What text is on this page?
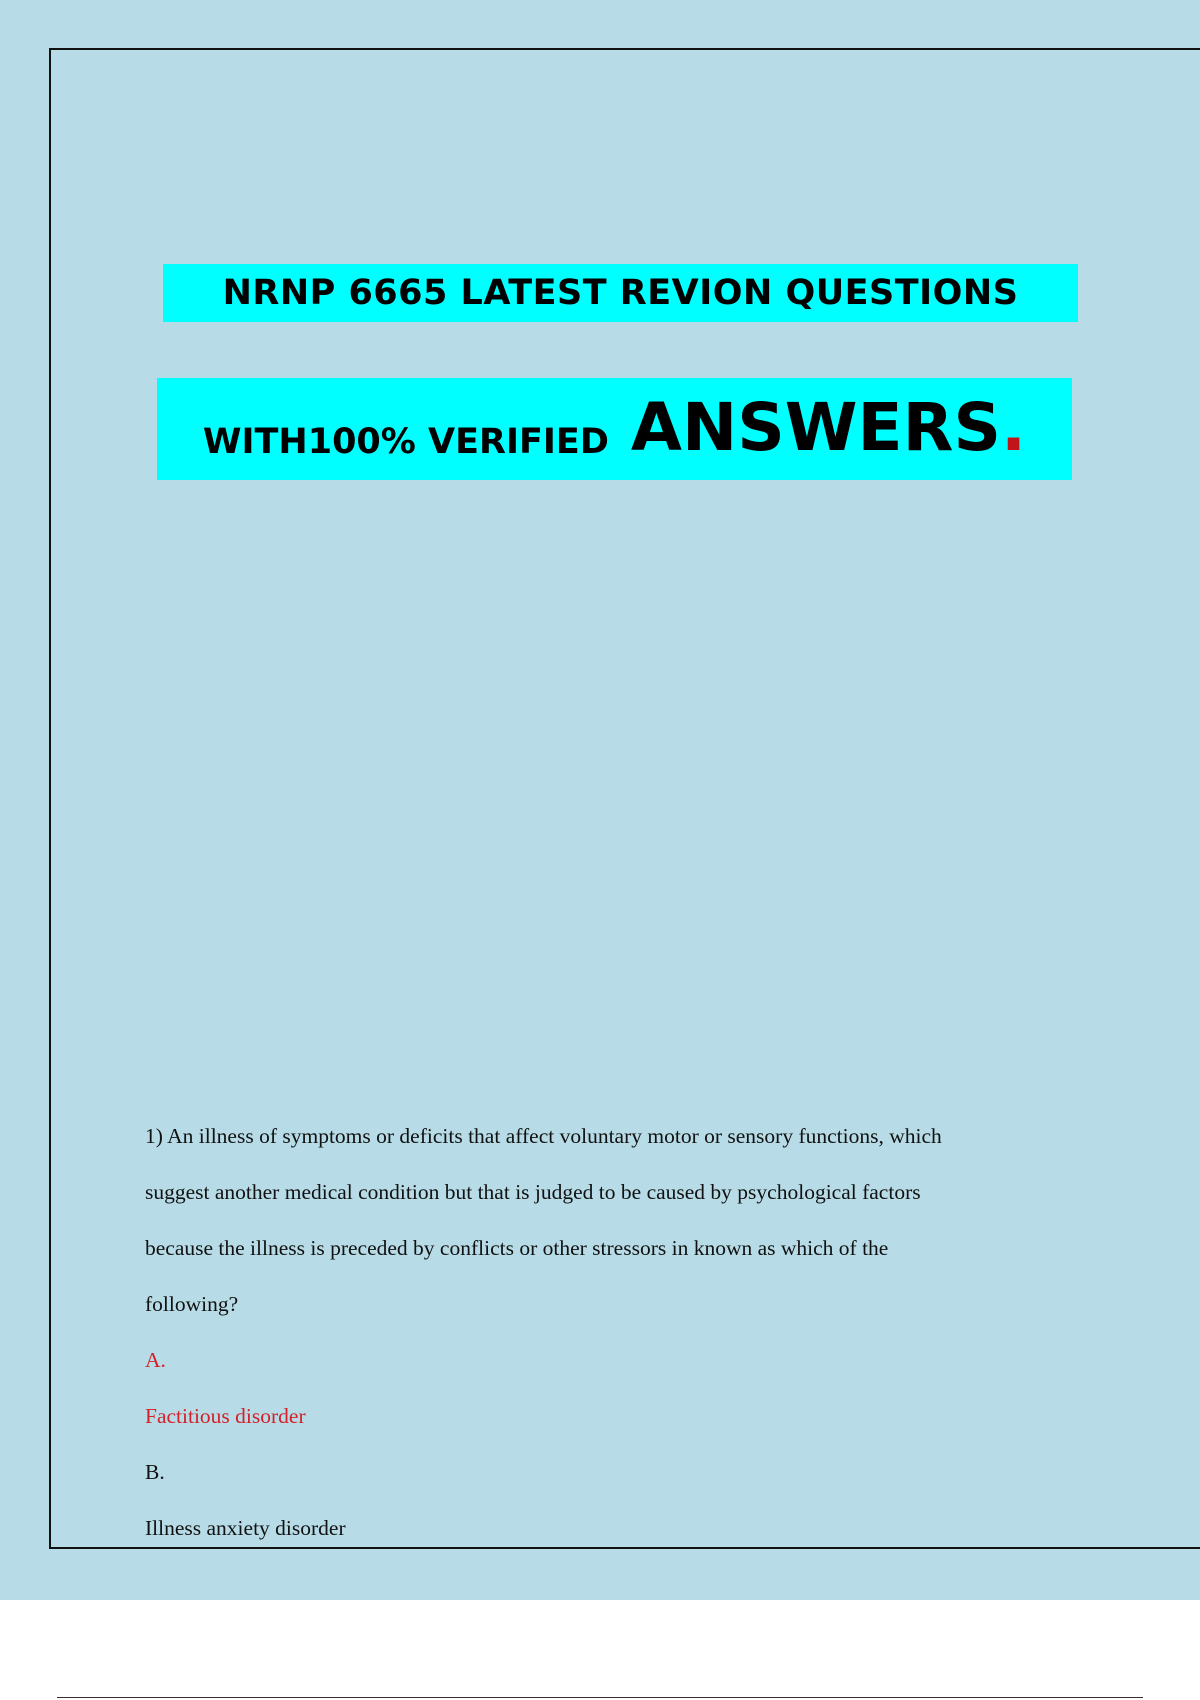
NRNP 6665 LATEST REVION QUESTIONS
WITH100% VERIFIED ANSWERS .

1) An illness of symptoms or deficits that affect voluntary motor or sensory functions, which

suggest another medical condition but that is judged to be caused by psychological factors

because the illness is preceded by conflicts or other stressors in known as which of the

following?

A.

Factitious disorder

B.

Illness anxiety disorder
